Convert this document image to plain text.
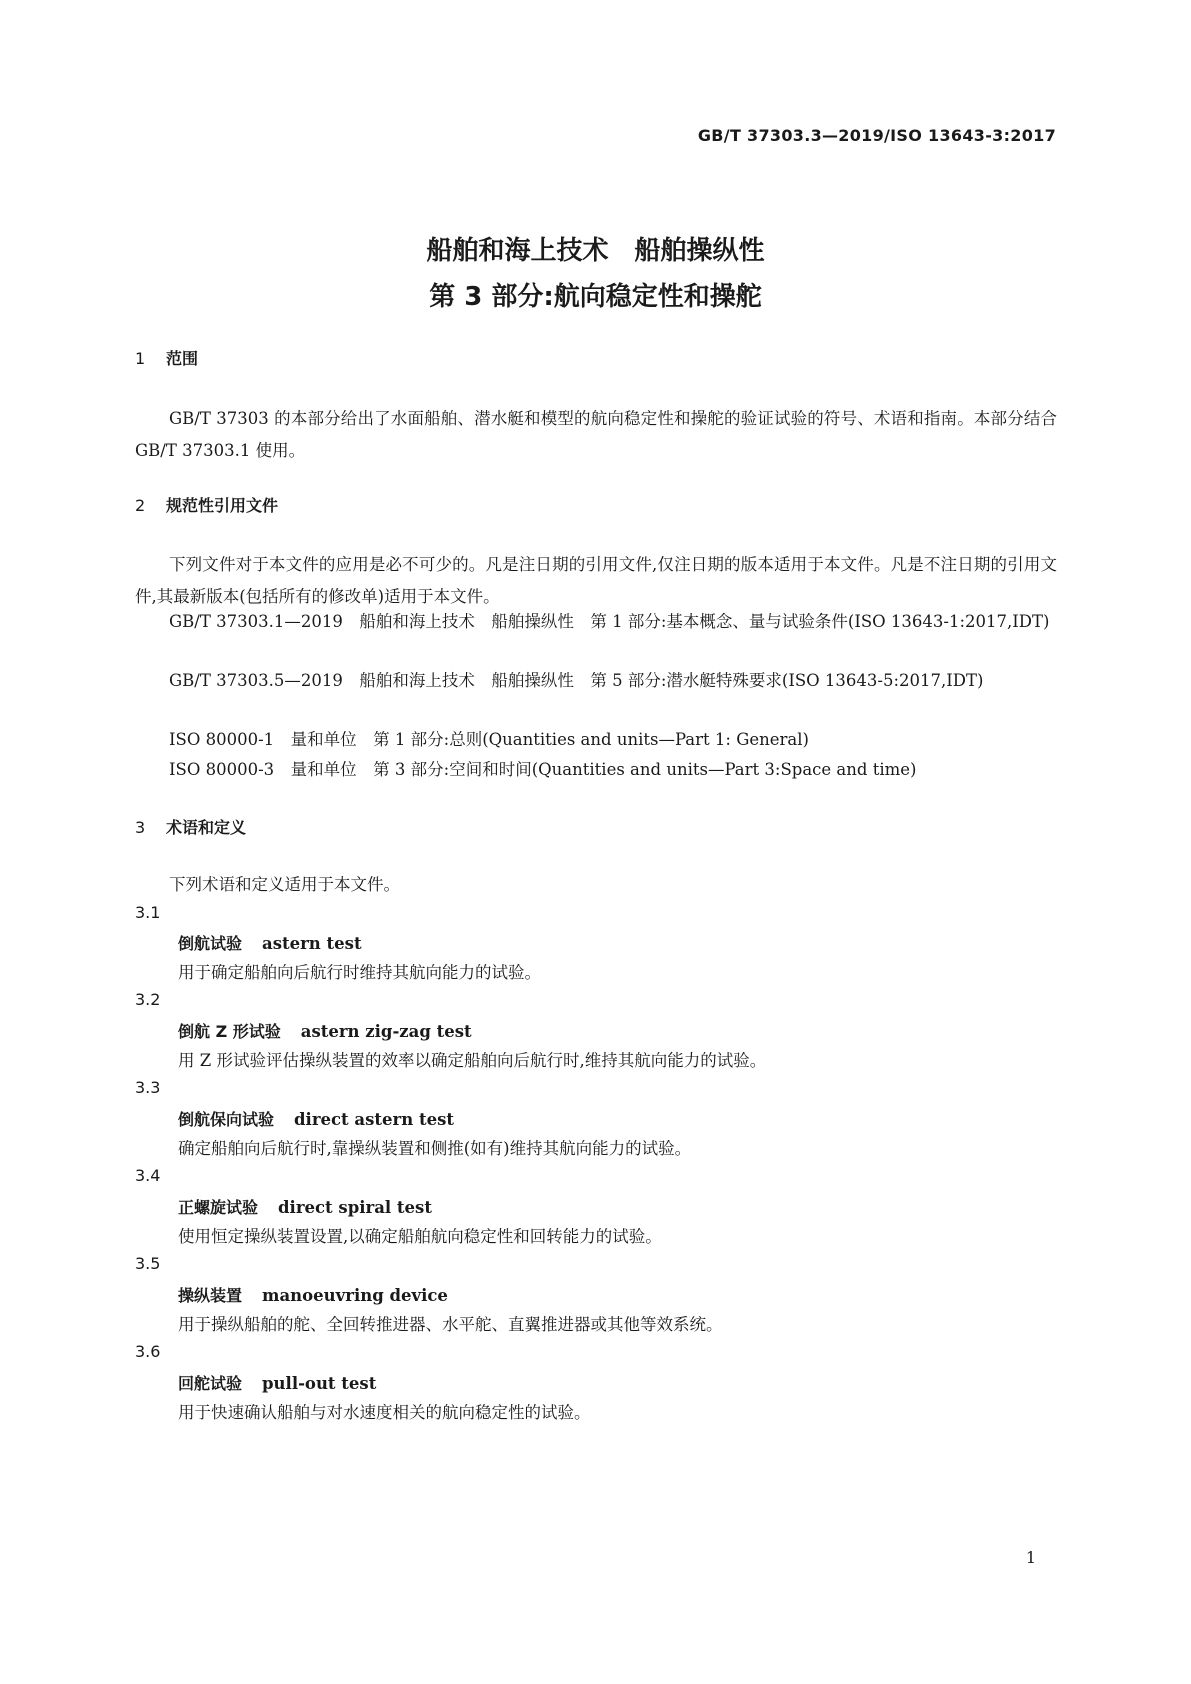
GB/T 37303.3—2019/ISO 13643-3:2017
船舶和海上技术　船舶操纵性
第 3 部分:航向稳定性和操舵
1 范围
GB/T 37303 的本部分给出了水面船舶、潜水艇和模型的航向稳定性和操舵的验证试验的符号、术语和指南。本部分结合 GB/T 37303.1 使用。
2 规范性引用文件
下列文件对于本文件的应用是必不可少的。凡是注日期的引用文件,仅注日期的版本适用于本文件。凡是不注日期的引用文件,其最新版本(包括所有的修改单)适用于本文件。
GB/T 37303.1—2019　船舶和海上技术　船舶操纵性　第 1 部分:基本概念、量与试验条件(ISO 13643-1:2017,IDT)
GB/T 37303.5—2019　船舶和海上技术　船舶操纵性　第 5 部分:潜水艇特殊要求(ISO 13643-5:2017,IDT)
ISO 80000-1　量和单位　第 1 部分:总则(Quantities and units—Part 1: General)
ISO 80000-3　量和单位　第 3 部分:空间和时间(Quantities and units—Part 3:Space and time)
3 术语和定义
下列术语和定义适用于本文件。
3.1
倒航试验 astern test
用于确定船舶向后航行时维持其航向能力的试验。
3.2
倒航 Z 形试验 astern zig-zag test
用 Z 形试验评估操纵装置的效率以确定船舶向后航行时,维持其航向能力的试验。
3.3
倒航保向试验 direct astern test
确定船舶向后航行时,靠操纵装置和侧推(如有)维持其航向能力的试验。
3.4
正螺旋试验 direct spiral test
使用恒定操纵装置设置,以确定船舶航向稳定性和回转能力的试验。
3.5
操纵装置 manoeuvring device
用于操纵船舶的舵、全回转推进器、水平舵、直翼推进器或其他等效系统。
3.6
回舵试验 pull-out test
用于快速确认船舶与对水速度相关的航向稳定性的试验。
1
